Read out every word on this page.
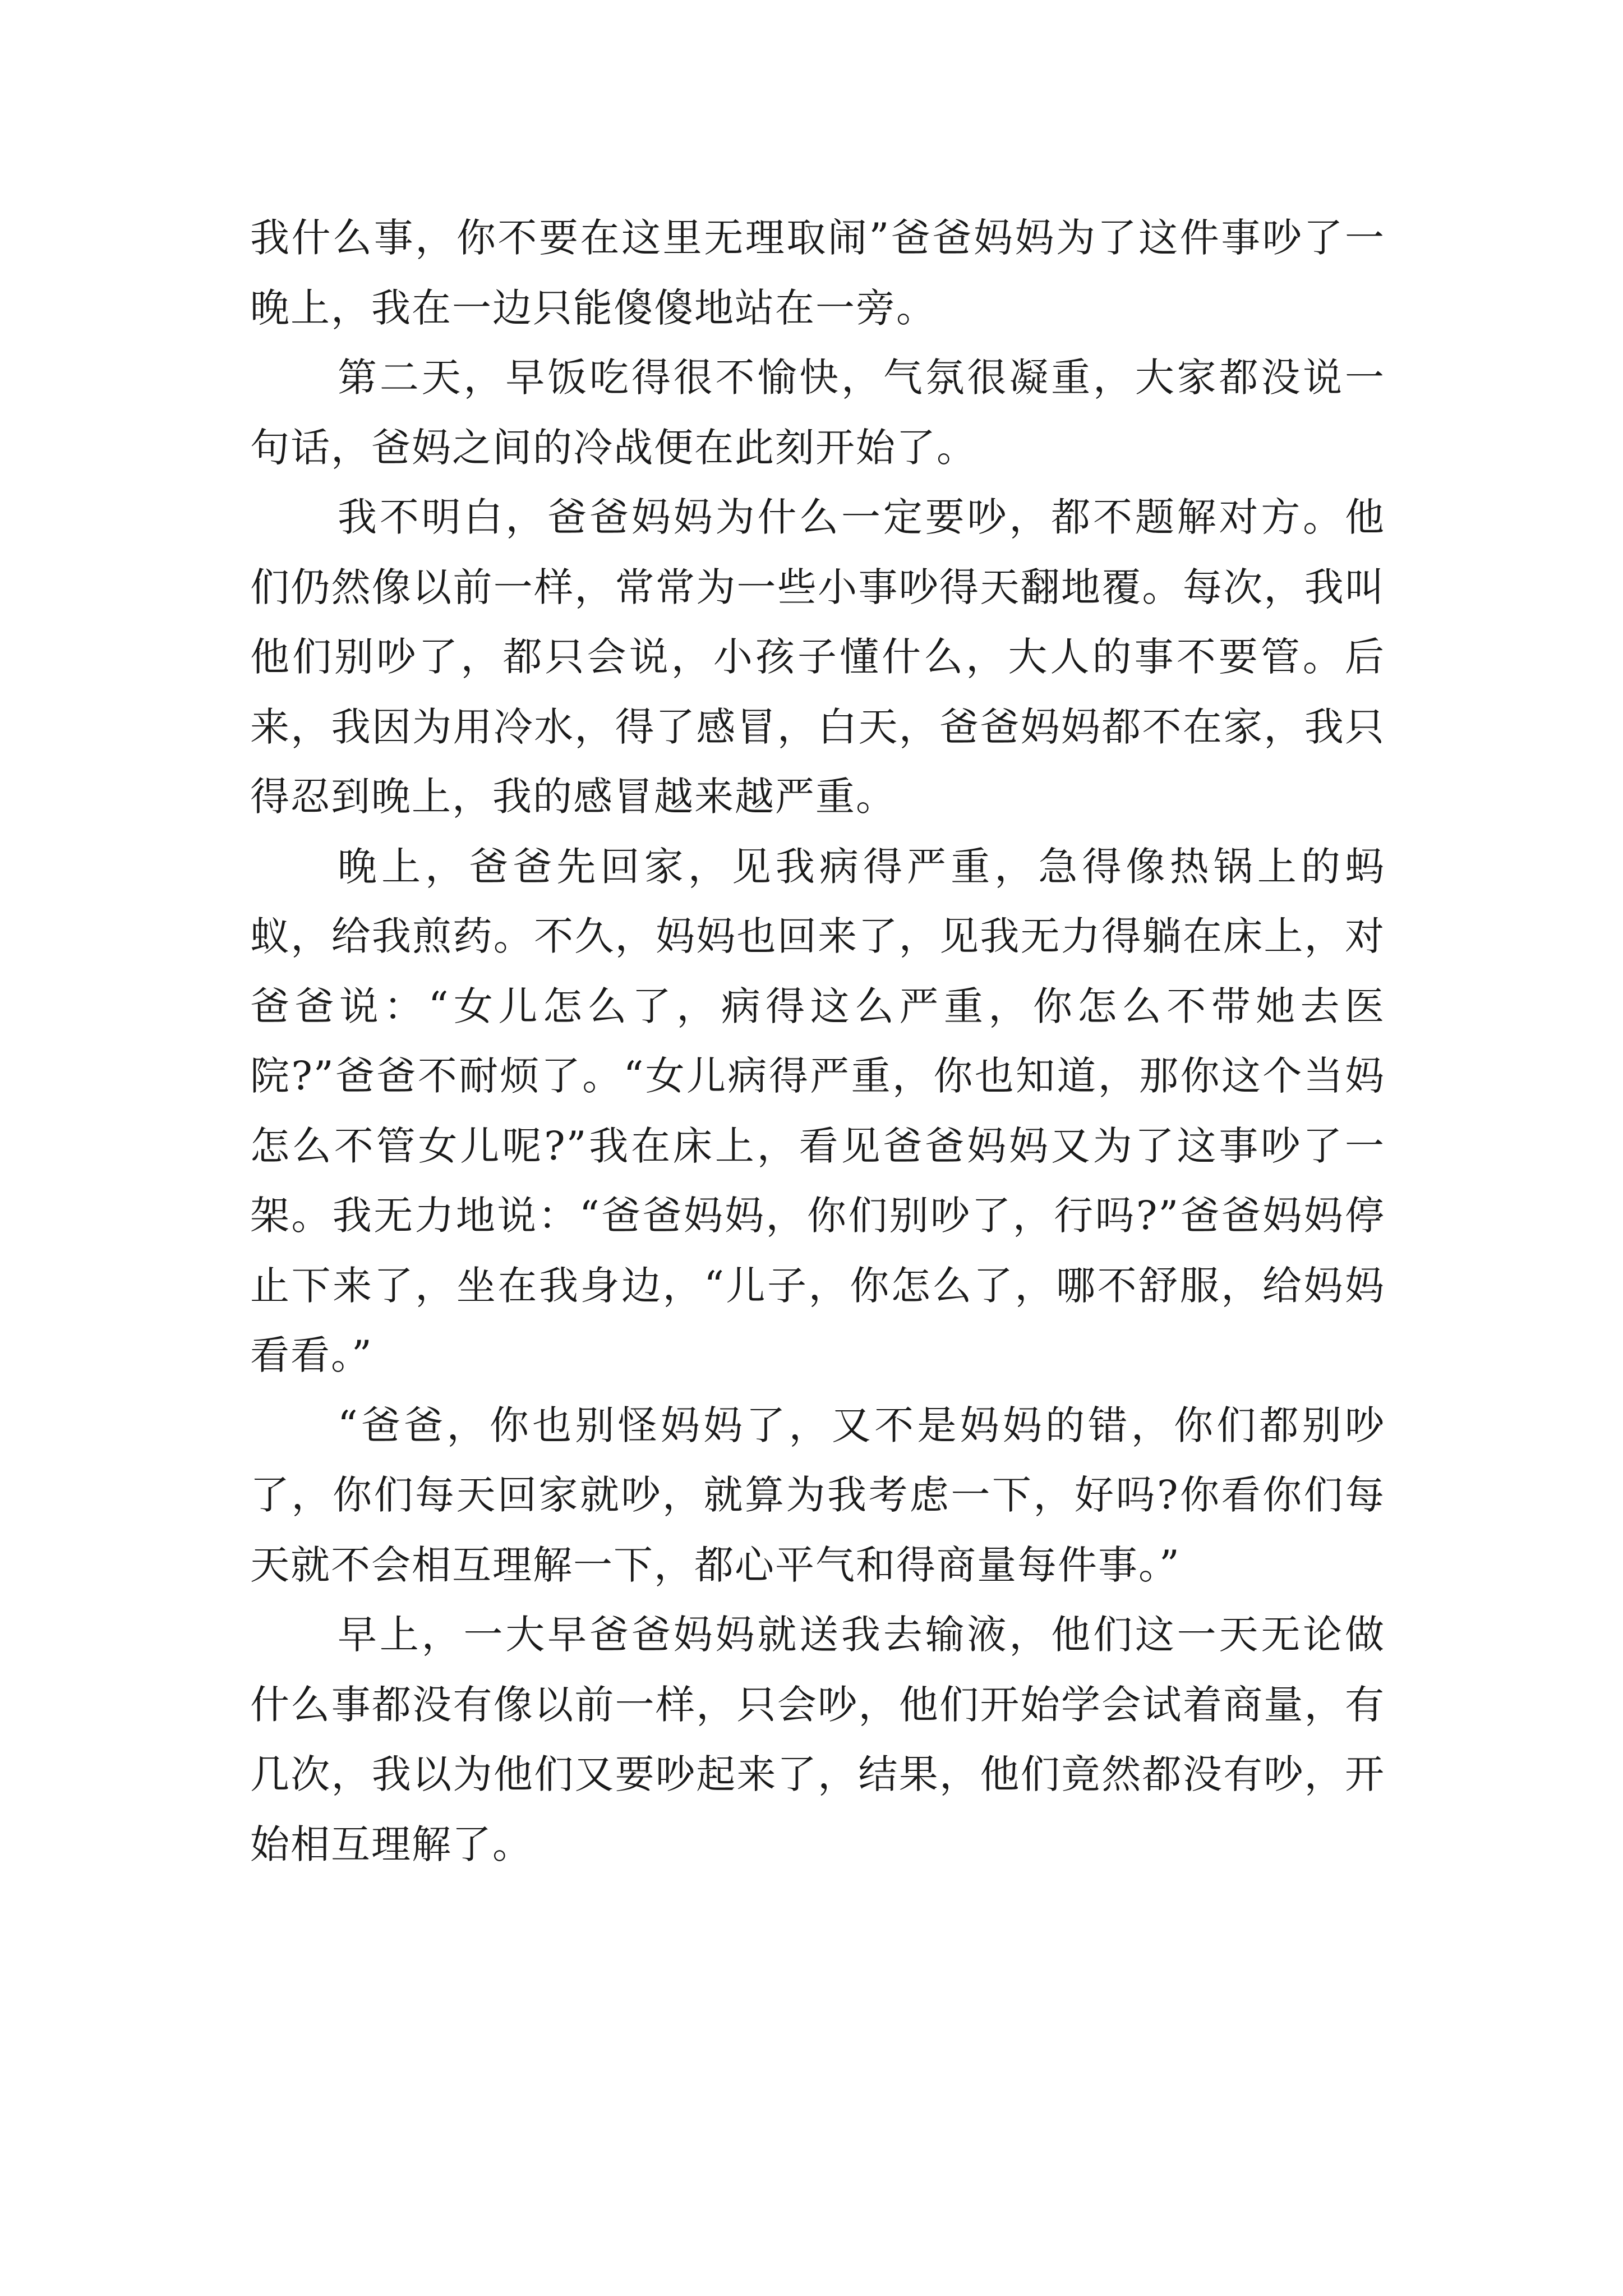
我什么事，你不要在这里无理取闹”爸爸妈妈为了这件事吵了一晚上，我在一边只能傻傻地站在一旁。

第二天，早饭吃得很不愉快，气氛很凝重，大家都没说一句话，爸妈之间的冷战便在此刻开始了。

我不明白，爸爸妈妈为什么一定要吵，都不题解对方。他们仍然像以前一样，常常为一些小事吵得天翻地覆。每次，我叫他们别吵了，都只会说，小孩子懂什么，大人的事不要管。后来，我因为用冷水，得了感冒，白天，爸爸妈妈都不在家，我只得忍到晚上，我的感冒越来越严重。

晚上，爸爸先回家，见我病得严重，急得像热锅上的蚂蚁，给我煎药。不久，妈妈也回来了，见我无力得躺在床上，对爸爸说：“女儿怎么了，病得这么严重，你怎么不带她去医院?”爸爸不耐烦了。“女儿病得严重，你也知道，那你这个当妈怎么不管女儿呢?”我在床上，看见爸爸妈妈又为了这事吵了一架。我无力地说：“爸爸妈妈，你们别吵了，行吗?”爸爸妈妈停止下来了，坐在我身边，“儿子，你怎么了，哪不舒服，给妈妈看看。”

“爸爸，你也别怪妈妈了，又不是妈妈的错，你们都别吵了，你们每天回家就吵，就算为我考虑一下，好吗?你看你们每天就不会相互理解一下，都心平气和得商量每件事。”

早上，一大早爸爸妈妈就送我去输液，他们这一天无论做什么事都没有像以前一样，只会吵，他们开始学会试着商量，有几次，我以为他们又要吵起来了，结果，他们竟然都没有吵，开始相互理解了。
